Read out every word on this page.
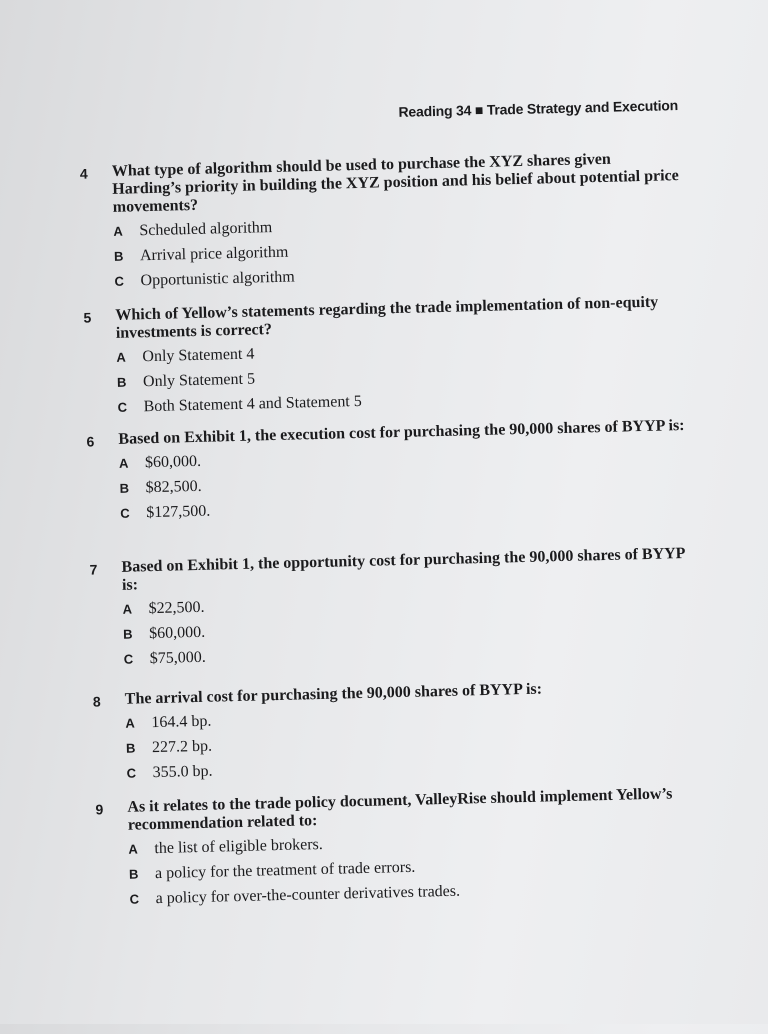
Reading 34 ■ Trade Strategy and Execution
4	What type of algorithm should be used to purchase the XYZ shares given Harding’s priority in building the XYZ position and his belief about potential price movements?
A	Scheduled algorithm
B	Arrival price algorithm
C	Opportunistic algorithm
5	Which of Yellow’s statements regarding the trade implementation of non-equity investments is correct?
A	Only Statement 4
B	Only Statement 5
C	Both Statement 4 and Statement 5
6	Based on Exhibit 1, the execution cost for purchasing the 90,000 shares of BYYP is:
A	$60,000.
B	$82,500.
C	$127,500.
7	Based on Exhibit 1, the opportunity cost for purchasing the 90,000 shares of BYYP is:
A	$22,500.
B	$60,000.
C	$75,000.
8	The arrival cost for purchasing the 90,000 shares of BYYP is:
A	164.4 bp.
B	227.2 bp.
C	355.0 bp.
9	As it relates to the trade policy document, ValleyRise should implement Yellow’s recommendation related to:
A	the list of eligible brokers.
B	a policy for the treatment of trade errors.
C	a policy for over-the-counter derivatives trades.
